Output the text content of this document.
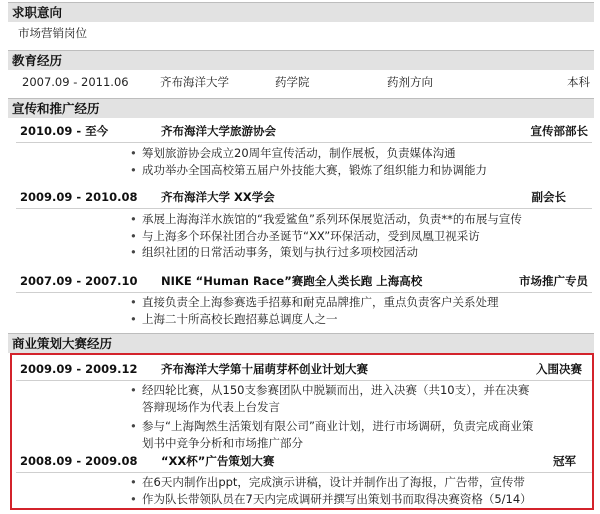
求职意向
市场营销岗位
教育经历
2007.09 - 2011.06	齐布海洋大学	药学院	药剂方向	本科
宣传和推广经历
2010.09 - 至今	齐布海洋大学旅游协会	宣传部部长
• 筹划旅游协会成立20周年宣传活动，制作展板，负责媒体沟通
• 成功举办全国高校第五届户外技能大赛，锻炼了组织能力和协调能力
2009.09 - 2010.08 齐布海洋大学 XX学会	副会长
• 承展上海海洋水族馆的“我爱鲨鱼”系列环保展览活动，负责**的布展与宣传
• 与上海多个环保社团合办圣诞节“XX”环保活动，受到凤凰卫视采访
• 组织社团的日常活动事务，策划与执行过多项校园活动
2007.09 - 2007.10 NIKE “Human Race”赛跑全人类长跑 上海高校	市场推广专员
• 直接负责全上海参赛选手招募和耐克品牌推广，重点负责客户关系处理
• 上海二十所高校长跑招募总调度人之一
商业策划大赛经历
2009.09 - 2009.12 齐布海洋大学第十届萌芽杯创业计划大赛	入围决赛
• 经四轮比赛，从150支参赛团队中脱颖而出，进入决赛（共10支），并在决赛
答辩现场作为代表上台发言
• 参与“上海陶然生活策划有限公司”商业计划，进行市场调研，负责完成商业策
划书中竞争分析和市场推广部分
2008.09 - 2009.08 “XX杯”广告策划大赛	冠军
• 在6天内制作出ppt，完成演示讲稿，设计并制作出了海报，广告带，宣传带
• 作为队长带领队员在7天内完成调研并撰写出策划书而取得决赛资格（5/14）
